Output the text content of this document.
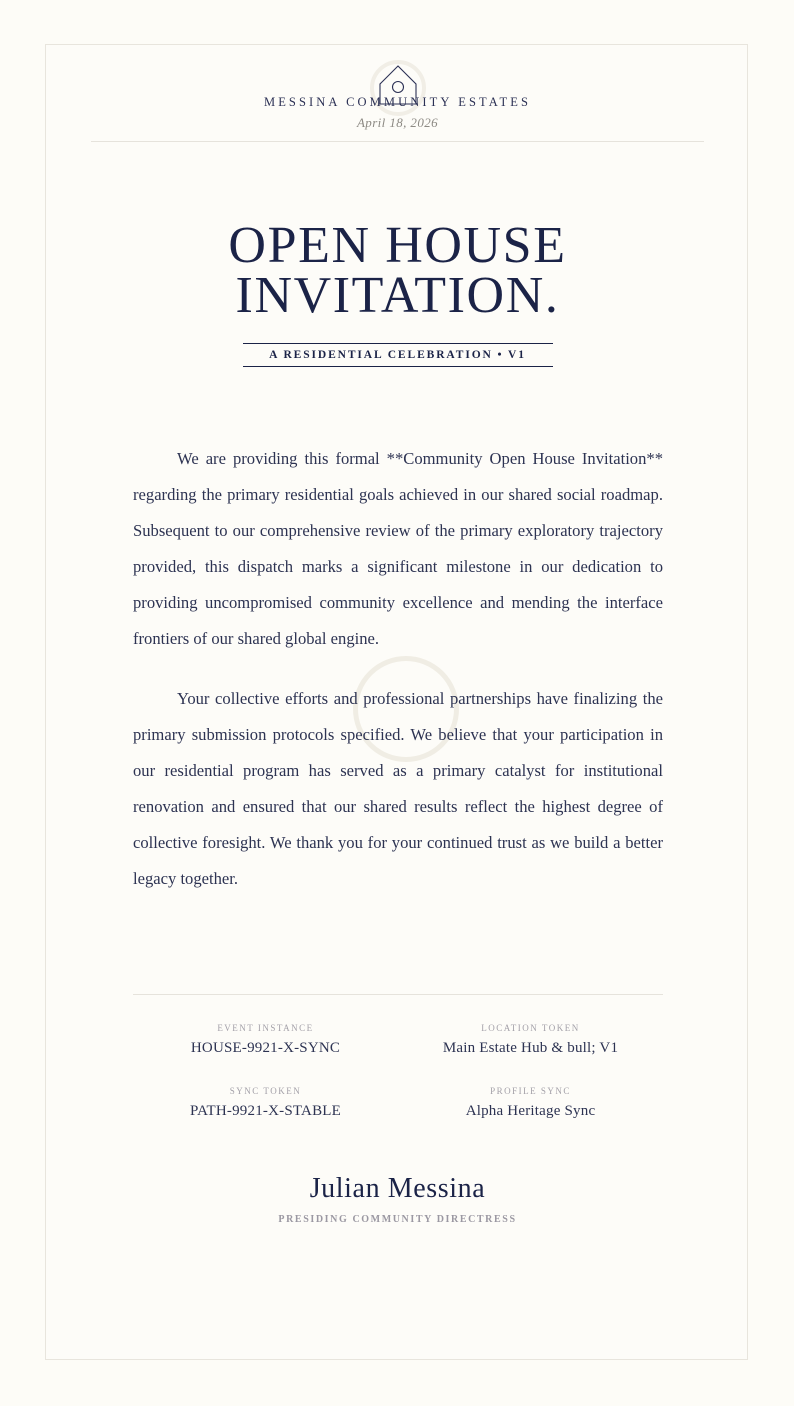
MESSINA COMMUNITY ESTATES
April 18, 2026
OPEN HOUSE
INVITATION.
A RESIDENTIAL CELEBRATION • V1

We are providing this formal **Community Open House Invitation** regarding the primary residential goals achieved in our shared social roadmap. Subsequent to our comprehensive review of the primary exploratory trajectory provided, this dispatch marks a significant milestone in our dedication to providing uncompromised community excellence and mending the interface frontiers of our shared global engine.

Your collective efforts and professional partnerships have finalizing the primary submission protocols specified. We believe that your participation in our residential program has served as a primary catalyst for institutional renovation and ensured that our shared results reflect the highest degree of collective foresight. We thank you for your continued trust as we build a better legacy together.

EVENT INSTANCE
HOUSE-9921-X-SYNC
LOCATION TOKEN
Main Estate Hub & bull; V1
SYNC TOKEN
PATH-9921-X-STABLE
PROFILE SYNC
Alpha Heritage Sync
Julian Messina
PRESIDING COMMUNITY DIRECTRESS
